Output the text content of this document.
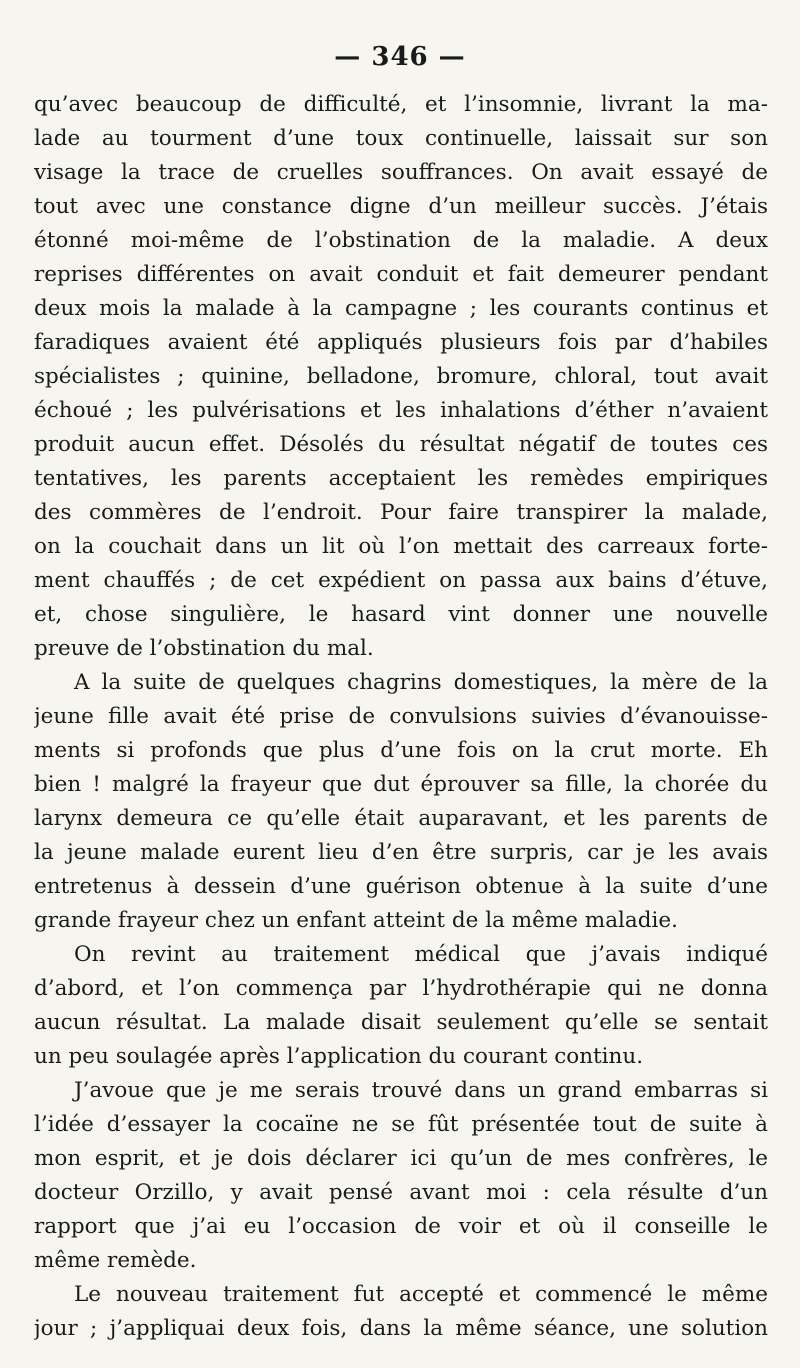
— 346 —
qu’avec beaucoup de difficulté, et l’insomnie, livrant la ma-
lade au tourment d’une toux continuelle, laissait sur son
visage la trace de cruelles souffrances. On avait essayé de
tout avec une constance digne d’un meilleur succès. J’étais
étonné moi-même de l’obstination de la maladie. A deux
reprises différentes on avait conduit et fait demeurer pendant
deux mois la malade à la campagne ; les courants continus et
faradiques avaient été appliqués plusieurs fois par d’habiles
spécialistes ; quinine, belladone, bromure, chloral, tout avait
échoué ; les pulvérisations et les inhalations d’éther n’avaient
produit aucun effet. Désolés du résultat négatif de toutes ces
tentatives, les parents acceptaient les remèdes empiriques
des commères de l’endroit. Pour faire transpirer la malade,
on la couchait dans un lit où l’on mettait des carreaux forte-
ment chauffés ; de cet expédient on passa aux bains d’étuve,
et, chose singulière, le hasard vint donner une nouvelle
preuve de l’obstination du mal.
A la suite de quelques chagrins domestiques, la mère de la
jeune fille avait été prise de convulsions suivies d’évanouisse-
ments si profonds que plus d’une fois on la crut morte. Eh
bien ! malgré la frayeur que dut éprouver sa fille, la chorée du
larynx demeura ce qu’elle était auparavant, et les parents de
la jeune malade eurent lieu d’en être surpris, car je les avais
entretenus à dessein d’une guérison obtenue à la suite d’une
grande frayeur chez un enfant atteint de la même maladie.
On revint au traitement médical que j’avais indiqué
d’abord, et l’on commença par l’hydrothérapie qui ne donna
aucun résultat. La malade disait seulement qu’elle se sentait
un peu soulagée après l’application du courant continu.
J’avoue que je me serais trouvé dans un grand embarras si
l’idée d’essayer la cocaïne ne se fût présentée tout de suite à
mon esprit, et je dois déclarer ici qu’un de mes confrères, le
docteur Orzillo, y avait pensé avant moi : cela résulte d’un
rapport que j’ai eu l’occasion de voir et où il conseille le
même remède.
Le nouveau traitement fut accepté et commencé le même
jour ; j’appliquai deux fois, dans la même séance, une solution
